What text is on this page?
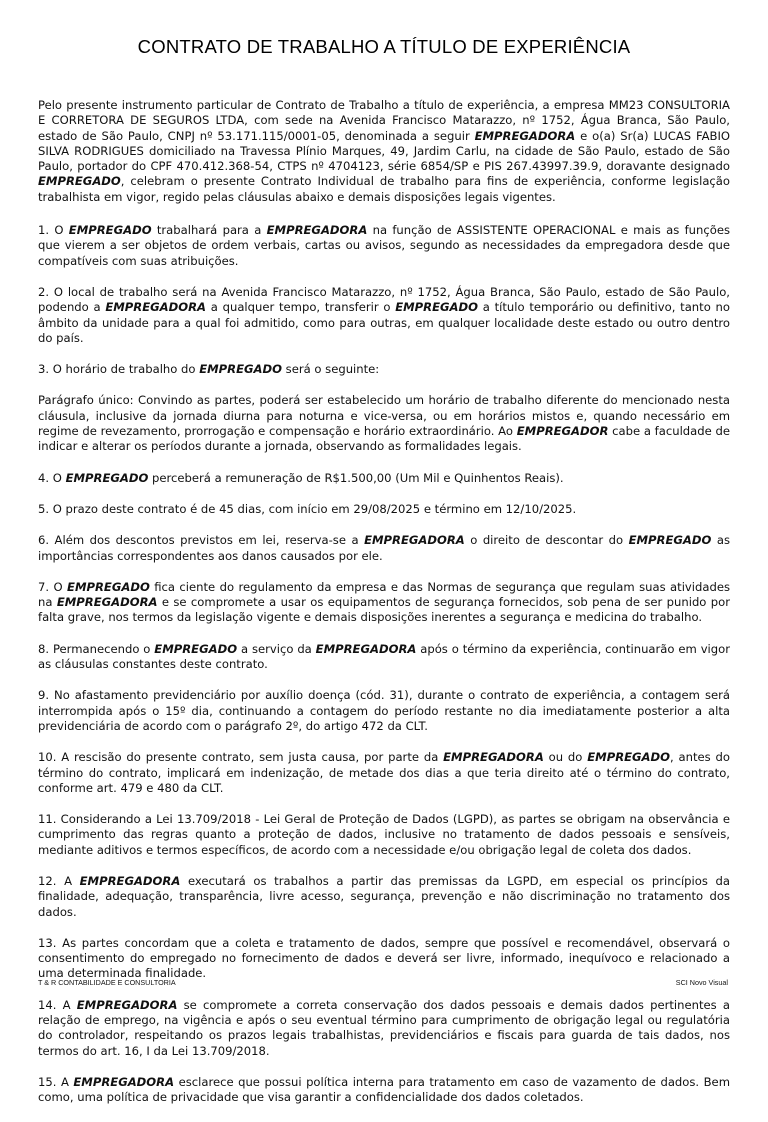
CONTRATO DE TRABALHO A TÍTULO DE EXPERIÊNCIA

Pelo presente instrumento particular de Contrato de Trabalho a título de experiência, a empresa MM23 CONSULTORIA E CORRETORA DE SEGUROS LTDA, com sede na Avenida Francisco Matarazzo, nº 1752, Água Branca, São Paulo, estado de São Paulo, CNPJ nº 53.171.115/0001-05, denominada a seguir EMPREGADORA e o(a) Sr(a) LUCAS FABIO SILVA RODRIGUES domiciliado na Travessa Plínio Marques, 49, Jardim Carlu, na cidade de São Paulo, estado de São Paulo, portador do CPF 470.412.368-54, CTPS nº 4704123, série 6854/SP e PIS 267.43997.39.9, doravante designado EMPREGADO, celebram o presente Contrato Individual de trabalho para fins de experiência, conforme legislação trabalhista em vigor, regido pelas cláusulas abaixo e demais disposições legais vigentes.

1. O EMPREGADO trabalhará para a EMPREGADORA na função de ASSISTENTE OPERACIONAL e mais as funções que vierem a ser objetos de ordem verbais, cartas ou avisos, segundo as necessidades da empregadora desde que compatíveis com suas atribuições.

2. O local de trabalho será na Avenida Francisco Matarazzo, nº 1752, Água Branca, São Paulo, estado de São Paulo, podendo a EMPREGADORA a qualquer tempo, transferir o EMPREGADO a título temporário ou definitivo, tanto no âmbito da unidade para a qual foi admitido, como para outras, em qualquer localidade deste estado ou outro dentro do país.

3. O horário de trabalho do EMPREGADO será o seguinte:

Parágrafo único: Convindo as partes, poderá ser estabelecido um horário de trabalho diferente do mencionado nesta cláusula, inclusive da jornada diurna para noturna e vice-versa, ou em horários mistos e, quando necessário em regime de revezamento, prorrogação e compensação e horário extraordinário. Ao EMPREGADOR cabe a faculdade de indicar e alterar os períodos durante a jornada, observando as formalidades legais.

4. O EMPREGADO perceberá a remuneração de R$1.500,00 (Um Mil e Quinhentos Reais).

5. O prazo deste contrato é de 45 dias, com início em 29/08/2025 e término em 12/10/2025.

6. Além dos descontos previstos em lei, reserva-se a EMPREGADORA o direito de descontar do EMPREGADO as importâncias correspondentes aos danos causados por ele.

7. O EMPREGADO fica ciente do regulamento da empresa e das Normas de segurança que regulam suas atividades na EMPREGADORA e se compromete a usar os equipamentos de segurança fornecidos, sob pena de ser punido por falta grave, nos termos da legislação vigente e demais disposições inerentes a segurança e medicina do trabalho.

8. Permanecendo o EMPREGADO a serviço da EMPREGADORA após o término da experiência, continuarão em vigor as cláusulas constantes deste contrato.

9. No afastamento previdenciário por auxílio doença (cód. 31), durante o contrato de experiência, a contagem será interrompida após o 15º dia, continuando a contagem do período restante no dia imediatamente posterior a alta previdenciária de acordo com o parágrafo 2º, do artigo 472 da CLT.

10. A rescisão do presente contrato, sem justa causa, por parte da EMPREGADORA ou do EMPREGADO, antes do término do contrato, implicará em indenização, de metade dos dias a que teria direito até o término do contrato, conforme art. 479 e 480 da CLT.

11. Considerando a Lei 13.709/2018 - Lei Geral de Proteção de Dados (LGPD), as partes se obrigam na observância e cumprimento das regras quanto a proteção de dados, inclusive no tratamento de dados pessoais e sensíveis, mediante aditivos e termos específicos, de acordo com a necessidade e/ou obrigação legal de coleta dos dados.

12. A EMPREGADORA executará os trabalhos a partir das premissas da LGPD, em especial os princípios da finalidade, adequação, transparência, livre acesso, segurança, prevenção e não discriminação no tratamento dos dados.

13. As partes concordam que a coleta e tratamento de dados, sempre que possível e recomendável, observará o consentimento do empregado no fornecimento de dados e deverá ser livre, informado, inequívoco e relacionado a uma determinada finalidade.

14. A EMPREGADORA se compromete a correta conservação dos dados pessoais e demais dados pertinentes a relação de emprego, na vigência e após o seu eventual término para cumprimento de obrigação legal ou regulatória do controlador, respeitando os prazos legais trabalhistas, previdenciários e fiscais para guarda de tais dados, nos termos do art. 16, I da Lei 13.709/2018.

15. A EMPREGADORA esclarece que possui política interna para tratamento em caso de vazamento de dados. Bem como, uma política de privacidade que visa garantir a confidencialidade dos dados coletados.

T & R CONTABILIDADE E CONSULTORIA	SCI Novo Visual
